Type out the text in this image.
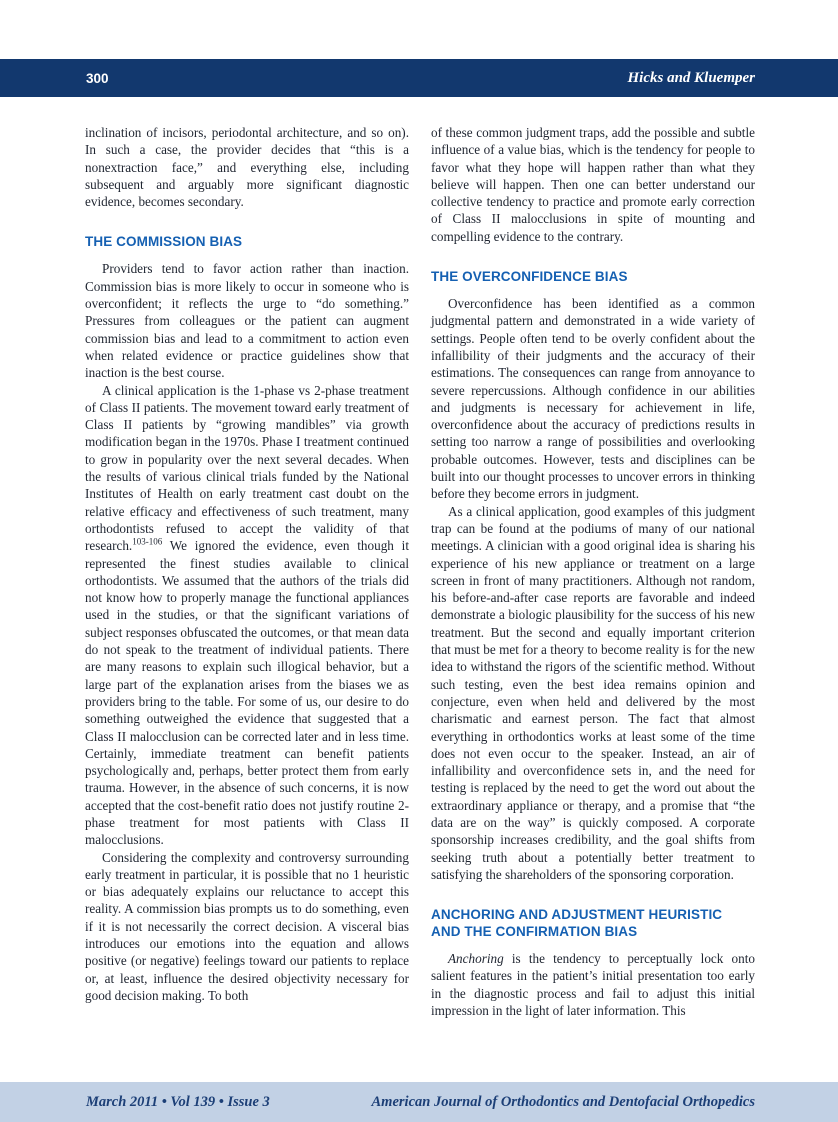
300	Hicks and Kluemper

inclination of incisors, periodontal architecture, and so on). In such a case, the provider decides that “this is a nonextraction face,” and everything else, including subsequent and arguably more significant diagnostic evidence, becomes secondary.

THE COMMISSION BIAS

Providers tend to favor action rather than inaction. Commission bias is more likely to occur in someone who is overconfident; it reflects the urge to “do something.” Pressures from colleagues or the patient can augment commission bias and lead to a commitment to action even when related evidence or practice guidelines show that inaction is the best course.

A clinical application is the 1-phase vs 2-phase treatment of Class II patients. The movement toward early treatment of Class II patients by “growing mandibles” via growth modification began in the 1970s. Phase I treatment continued to grow in popularity over the next several decades. When the results of various clinical trials funded by the National Institutes of Health on early treatment cast doubt on the relative efficacy and effectiveness of such treatment, many orthodontists refused to accept the validity of that research.$^{103-106}$ We ignored the evidence, even though it represented the finest studies available to clinical orthodontists. We assumed that the authors of the trials did not know how to properly manage the functional appliances used in the studies, or that the significant variations of subject responses obfuscated the outcomes, or that mean data do not speak to the treatment of individual patients. There are many reasons to explain such illogical behavior, but a large part of the explanation arises from the biases we as providers bring to the table. For some of us, our desire to do something outweighed the evidence that suggested that a Class II malocclusion can be corrected later and in less time. Certainly, immediate treatment can benefit patients psychologically and, perhaps, better protect them from early trauma. However, in the absence of such concerns, it is now accepted that the cost-benefit ratio does not justify routine 2-phase treatment for most patients with Class II malocclusions.

Considering the complexity and controversy surrounding early treatment in particular, it is possible that no 1 heuristic or bias adequately explains our reluctance to accept this reality. A commission bias prompts us to do something, even if it is not necessarily the correct decision. A visceral bias introduces our emotions into the equation and allows positive (or negative) feelings toward our patients to replace or, at least, influence the desired objectivity necessary for good decision making. To both

of these common judgment traps, add the possible and subtle influence of a value bias, which is the tendency for people to favor what they hope will happen rather than what they believe will happen. Then one can better understand our collective tendency to practice and promote early correction of Class II malocclusions in spite of mounting and compelling evidence to the contrary.

THE OVERCONFIDENCE BIAS

Overconfidence has been identified as a common judgmental pattern and demonstrated in a wide variety of settings. People often tend to be overly confident about the infallibility of their judgments and the accuracy of their estimations. The consequences can range from annoyance to severe repercussions. Although confidence in our abilities and judgments is necessary for achievement in life, overconfidence about the accuracy of predictions results in setting too narrow a range of possibilities and overlooking probable outcomes. However, tests and disciplines can be built into our thought processes to uncover errors in thinking before they become errors in judgment.

As a clinical application, good examples of this judgment trap can be found at the podiums of many of our national meetings. A clinician with a good original idea is sharing his experience of his new appliance or treatment on a large screen in front of many practitioners. Although not random, his before-and-after case reports are favorable and indeed demonstrate a biologic plausibility for the success of his new treatment. But the second and equally important criterion that must be met for a theory to become reality is for the new idea to withstand the rigors of the scientific method. Without such testing, even the best idea remains opinion and conjecture, even when held and delivered by the most charismatic and earnest person. The fact that almost everything in orthodontics works at least some of the time does not even occur to the speaker. Instead, an air of infallibility and overconfidence sets in, and the need for testing is replaced by the need to get the word out about the extraordinary appliance or therapy, and a promise that “the data are on the way” is quickly composed. A corporate sponsorship increases credibility, and the goal shifts from seeking truth about a potentially better treatment to satisfying the shareholders of the sponsoring corporation.

ANCHORING AND ADJUSTMENT HEURISTIC AND THE CONFIRMATION BIAS

Anchoring is the tendency to perceptually lock onto salient features in the patient’s initial presentation too early in the diagnostic process and fail to adjust this initial impression in the light of later information. This

March 2011 • Vol 139 • Issue 3	American Journal of Orthodontics and Dentofacial Orthopedics
